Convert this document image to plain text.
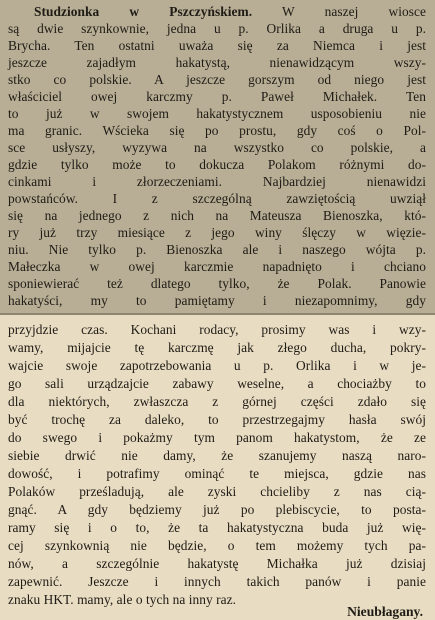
Studzionka w Pszczyńskiem. W naszej wiosce
są dwie szynkownie, jedna u p. Orlika a druga u p.
Brycha. Ten ostatni uważa się za Niemca i jest
jeszcze zajadłym hakatystą, nienawidzącym wszy-
stko co polskie. A jeszcze gorszym od niego jest
właściciel owej karczmy p. Paweł Michałek. Ten
to już w swojem hakatystycznem usposobieniu nie
ma granic. Wścieka się po prostu, gdy coś o Pol-
sce usłyszy, wyzywa na wszystko co polskie, a
gdzie tylko może to dokucza Polakom różnymi do-
cinkami i złorzeczeniami. Najbardziej nienawidzi
powstańców. I z szczególną zawziętością uwziął
się na jednego z nich na Mateusza Bienoszka, któ-
ry już trzy miesiące z jego winy ślęczy w więzie-
niu. Nie tylko p. Bienoszka ale i naszego wójta p.
Małeczka w owej karczmie napadnięto i chciano
sponiewierać też dlatego tylko, że Polak. Panowie
hakatyści, my to pamiętamy i niezapomnimy, gdy
przyjdzie czas. Kochani rodacy, prosimy was i wzy-
wamy, mijajcie tę karczmę jak złego ducha, pokry-
wajcie swoje zapotrzebowania u p. Orlika i w je-
go sali urządzajcie zabawy weselne, a chociażby to
dla niektórych, zwłaszcza z górnej części zdało się
być trochę za daleko, to przestrzegajmy hasła swój
do swego i pokażmy tym panom hakatystom, że ze
siebie drwić nie damy, że szanujemy naszą naro-
dowość, i potrafimy ominąć te miejsca, gdzie nas
Polaków prześladują, ale zyski chcieliby z nas cią-
gnąć. A gdy będziemy już po plebiscycie, to posta-
ramy się i o to, że ta hakatystyczna buda już wię-
cej szynkownią nie będzie, o tem możemy tych pa-
nów, a szczególnie hakatystę Michałka już dzisiaj
zapewnić. Jeszcze i innych takich panów i panie
znaku HKT. mamy, ale o tych na inny raz.
Nieubłagany.
